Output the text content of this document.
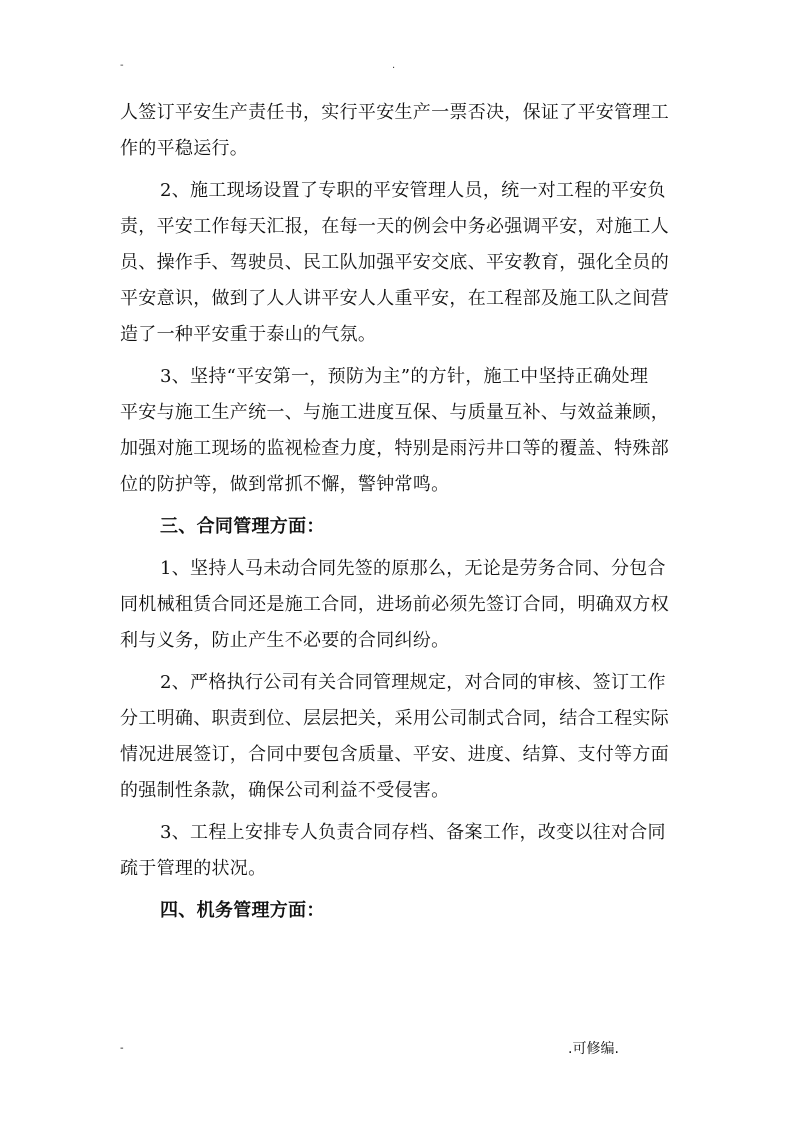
-	.
人签订平安生产责任书，实行平安生产一票否决，保证了平安管理工
作的平稳运行。
2、施工现场设置了专职的平安管理人员，统一对工程的平安负
责，平安工作每天汇报，在每一天的例会中务必强调平安，对施工人
员、操作手、驾驶员、民工队加强平安交底、平安教育，强化全员的
平安意识，做到了人人讲平安人人重平安，在工程部及施工队之间营
造了一种平安重于泰山的气氛。
3、坚持“平安第一，预防为主”的方针，施工中坚持正确处理
平安与施工生产统一、与施工进度互保、与质量互补、与效益兼顾，
加强对施工现场的监视检查力度，特别是雨污井口等的覆盖、特殊部
位的防护等，做到常抓不懈，警钟常鸣。
三、合同管理方面：
1、坚持人马未动合同先签的原那么，无论是劳务合同、分包合
同机械租赁合同还是施工合同，进场前必须先签订合同，明确双方权
利与义务，防止产生不必要的合同纠纷。
2、严格执行公司有关合同管理规定，对合同的审核、签订工作
分工明确、职责到位、层层把关，采用公司制式合同，结合工程实际
情况进展签订，合同中要包含质量、平安、进度、结算、支付等方面
的强制性条款，确保公司利益不受侵害。
3、工程上安排专人负责合同存档、备案工作，改变以往对合同
疏于管理的状况。
四、机务管理方面：
-	.可修编.
